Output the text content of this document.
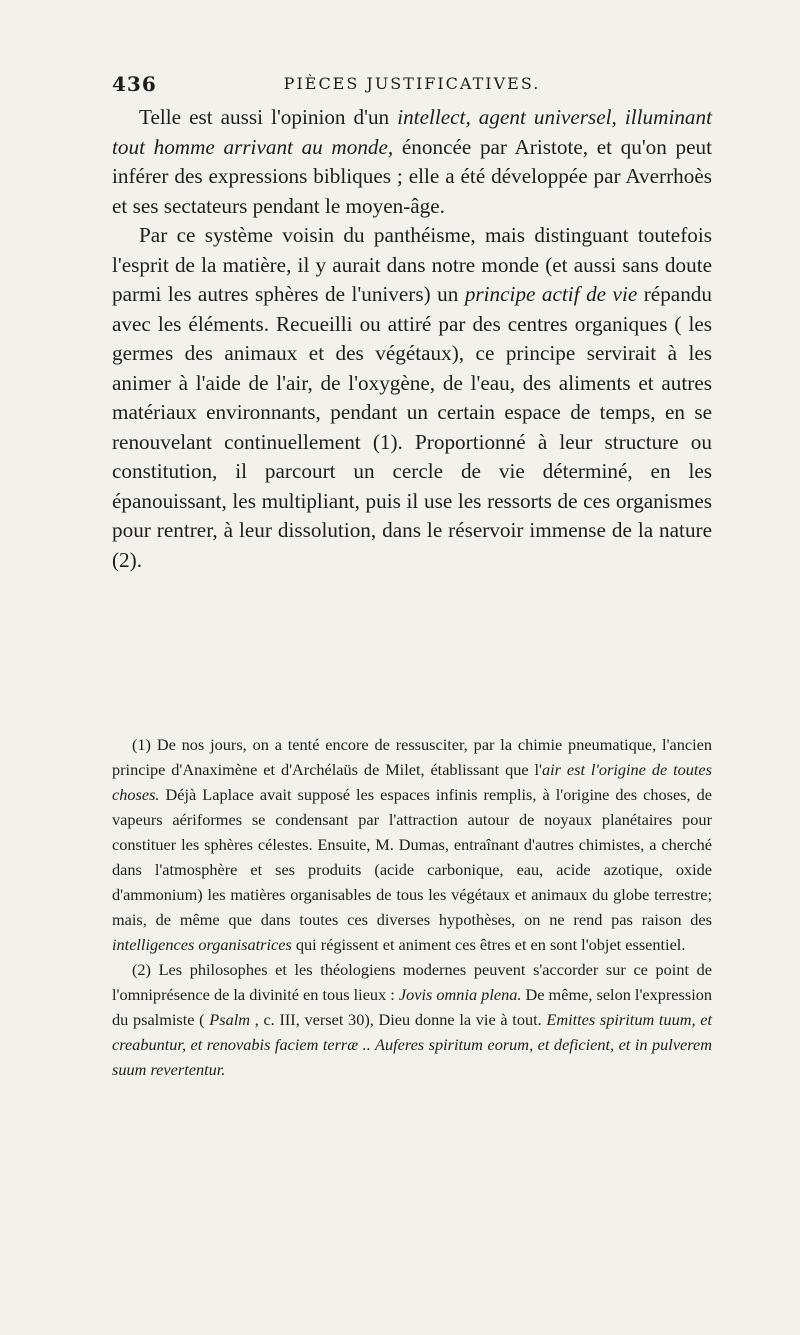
436	PIÈCES JUSTIFICATIVES.

Telle est aussi l'opinion d'un intellect, agent universel, illuminant tout homme arrivant au monde, énoncée par Aristote, et qu'on peut inférer des expressions bibliques ; elle a été développée par Averrhoès et ses sectateurs pendant le moyen-âge.

Par ce système voisin du panthéisme, mais distinguant toutefois l'esprit de la matière, il y aurait dans notre monde (et aussi sans doute parmi les autres sphères de l'univers) un principe actif de vie répandu avec les éléments. Recueilli ou attiré par des centres organiques ( les germes des animaux et des végétaux), ce principe servirait à les animer à l'aide de l'air, de l'oxygène, de l'eau, des aliments et autres matériaux environnants, pendant un certain espace de temps, en se renouvelant continuellement (1). Proportionné à leur structure ou constitution, il parcourt un cercle de vie déterminé, en les épanouissant, les multipliant, puis il use les ressorts de ces organismes pour rentrer, à leur dissolution, dans le réservoir immense de la nature (2).

(1) De nos jours, on a tenté encore de ressusciter, par la chimie pneumatique, l'ancien principe d'Anaximène et d'Archélaüs de Milet, établissant que l'air est l'origine de toutes choses. Déjà Laplace avait supposé les espaces infinis remplis, à l'origine des choses, de vapeurs aériformes se condensant par l'attraction autour de noyaux planétaires pour constituer les sphères célestes. Ensuite, M. Dumas, entraînant d'autres chimistes, a cherché dans l'atmosphère et ses produits (acide carbonique, eau, acide azotique, oxide d'ammonium) les matières organisables de tous les végétaux et animaux du globe terrestre; mais, de même que dans toutes ces diverses hypothèses, on ne rend pas raison des intelligences organisatrices qui régissent et animent ces êtres et en sont l'objet essentiel.

(2) Les philosophes et les théologiens modernes peuvent s'accorder sur ce point de l'omniprésence de la divinité en tous lieux : Jovis omnia plena. De même, selon l'expression du psalmiste ( Psalm , c. III, verset 30), Dieu donne la vie à tout. Emittes spiritum tuum, et creabuntur, et renovabis faciem terræ .. Auferes spiritum eorum, et deficient, et in pulverem suum revertentur.
